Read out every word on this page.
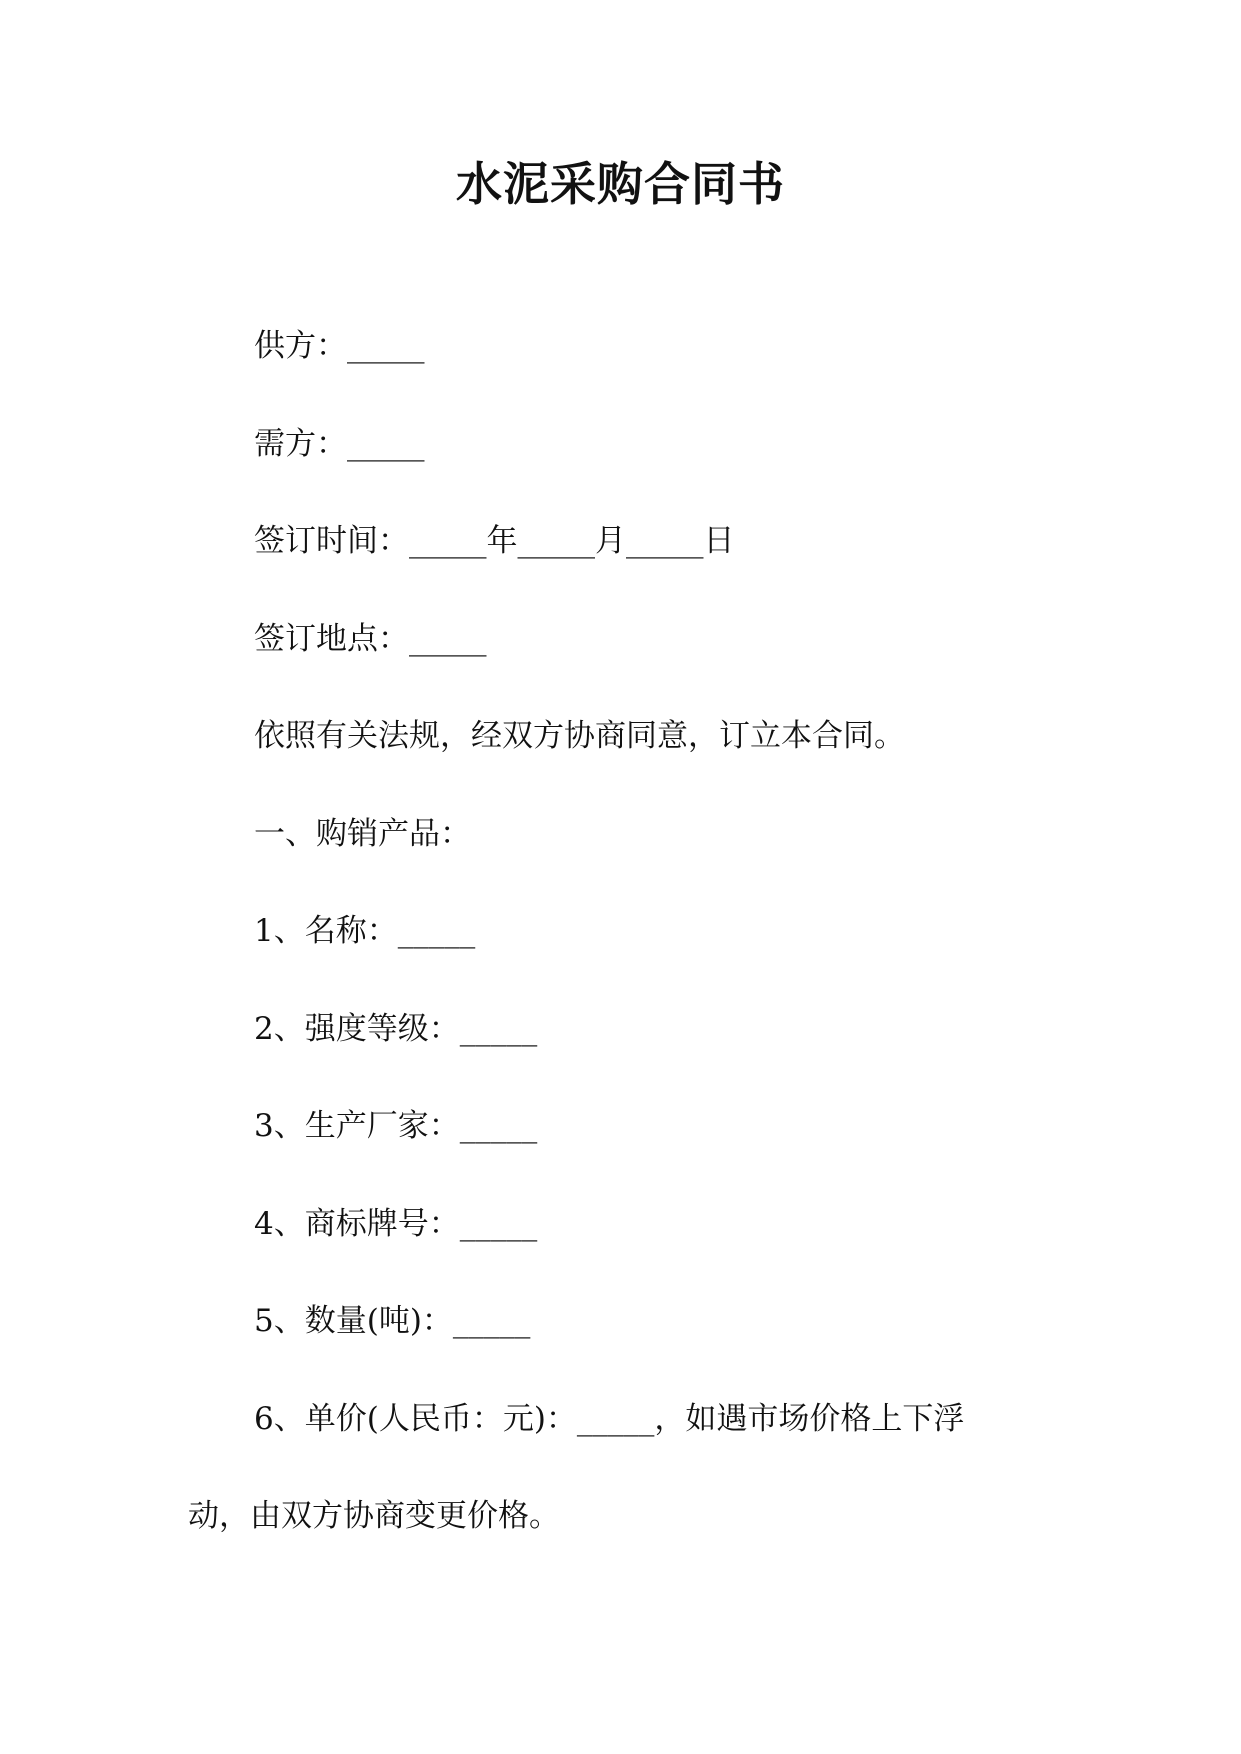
水泥采购合同书

供方：_____

需方：_____

签订时间：_____年_____月_____日

签订地点：_____

依照有关法规，经双方协商同意，订立本合同。

一、购销产品：

1、名称：_____

2、强度等级：_____

3、生产厂家：_____

4、商标牌号：_____

5、数量(吨)：_____

6、单价(人民币：元)：_____，如遇市场价格上下浮

动，由双方协商变更价格。
